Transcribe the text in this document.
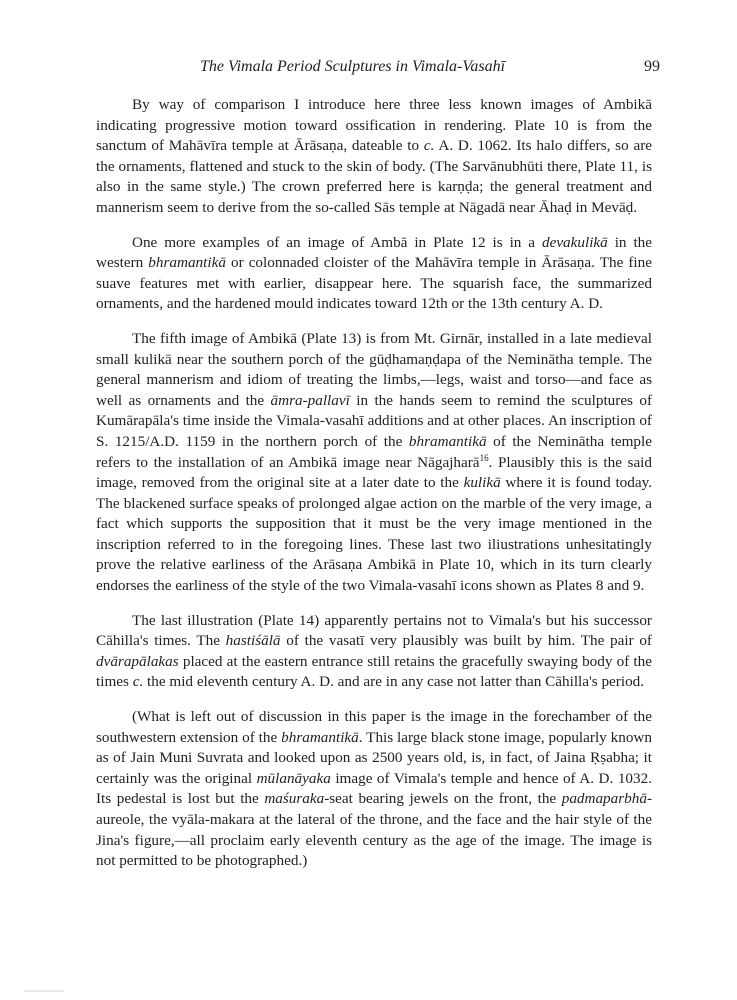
The Vimala Period Sculptures in Vimala-Vasahī	99

By way of comparison I introduce here three less known images of Ambikā indicating progressive motion toward ossification in rendering. Plate 10 is from the sanctum of Mahāvīra temple at Ārāsaṇa, dateable to c. A. D. 1062. Its halo differs, so are the ornaments, flattened and stuck to the skin of body. (The Sarvānubhūti there, Plate 11, is also in the same style.) The crown preferred here is karṇḍa; the general treatment and mannerism seem to derive from the so-called Sās temple at Nāgadā near Āhaḍ in Mevāḍ.

One more examples of an image of Ambā in Plate 12 is in a devakulikā in the western bhramantikā or colonnaded cloister of the Mahāvīra temple in Ārāsaṇa. The fine suave features met with earlier, disappear here. The squarish face, the summarized ornaments, and the hardened mould indicates toward 12th or the 13th century A. D.

The fifth image of Ambikā (Plate 13) is from Mt. Girnār, installed in a late medieval small kulikā near the southern porch of the gūḍhamaṇḍapa of the Neminātha temple. The general mannerism and idiom of treating the limbs,—legs, waist and torso—and face as well as ornaments and the āmra-pallavī in the hands seem to remind the sculptures of Kumārapāla's time inside the Vimala-vasahī additions and at other places. An inscription of S. 1215/A.D. 1159 in the northern porch of the bhramantikā of the Neminātha temple refers to the installation of an Ambikā image near Nāgajharā$^{16}$. Plausibly this is the said image, removed from the original site at a later date to the kulikā where it is found today. The blackened surface speaks of prolonged algae action on the marble of the very image, a fact which supports the supposition that it must be the very image mentioned in the inscription referred to in the foregoing lines. These last two iliustrations unhesitatingly prove the relative earliness of the Arāsaṇa Ambikā in Plate 10, which in its turn clearly endorses the earliness of the style of the two Vimala-vasahī icons shown as Plates 8 and 9.

The last illustration (Plate 14) apparently pertains not to Vimala's but his successor Cāhilla's times. The hastiśālā of the vasatī very plausibly was built by him. The pair of dvārapālakas placed at the eastern entrance still retains the gracefully swaying body of the times c. the mid eleventh century A. D. and are in any case not latter than Cāhilla's period.

(What is left out of discussion in this paper is the image in the forechamber of the southwestern extension of the bhramantikā. This large black stone image, popularly known as of Jain Muni Suvrata and looked upon as 2500 years old, is, in fact, of Jaina Ṛṣabha; it certainly was the original mūlanāyaka image of Vimala's temple and hence of A. D. 1032. Its pedestal is lost but the maśuraka-seat bearing jewels on the front, the padmaparbhā-aureole, the vyāla-makara at the lateral of the throne, and the face and the hair style of the Jina's figure,—all proclaim early eleventh century as the age of the image. The image is not permitted to be photographed.)
